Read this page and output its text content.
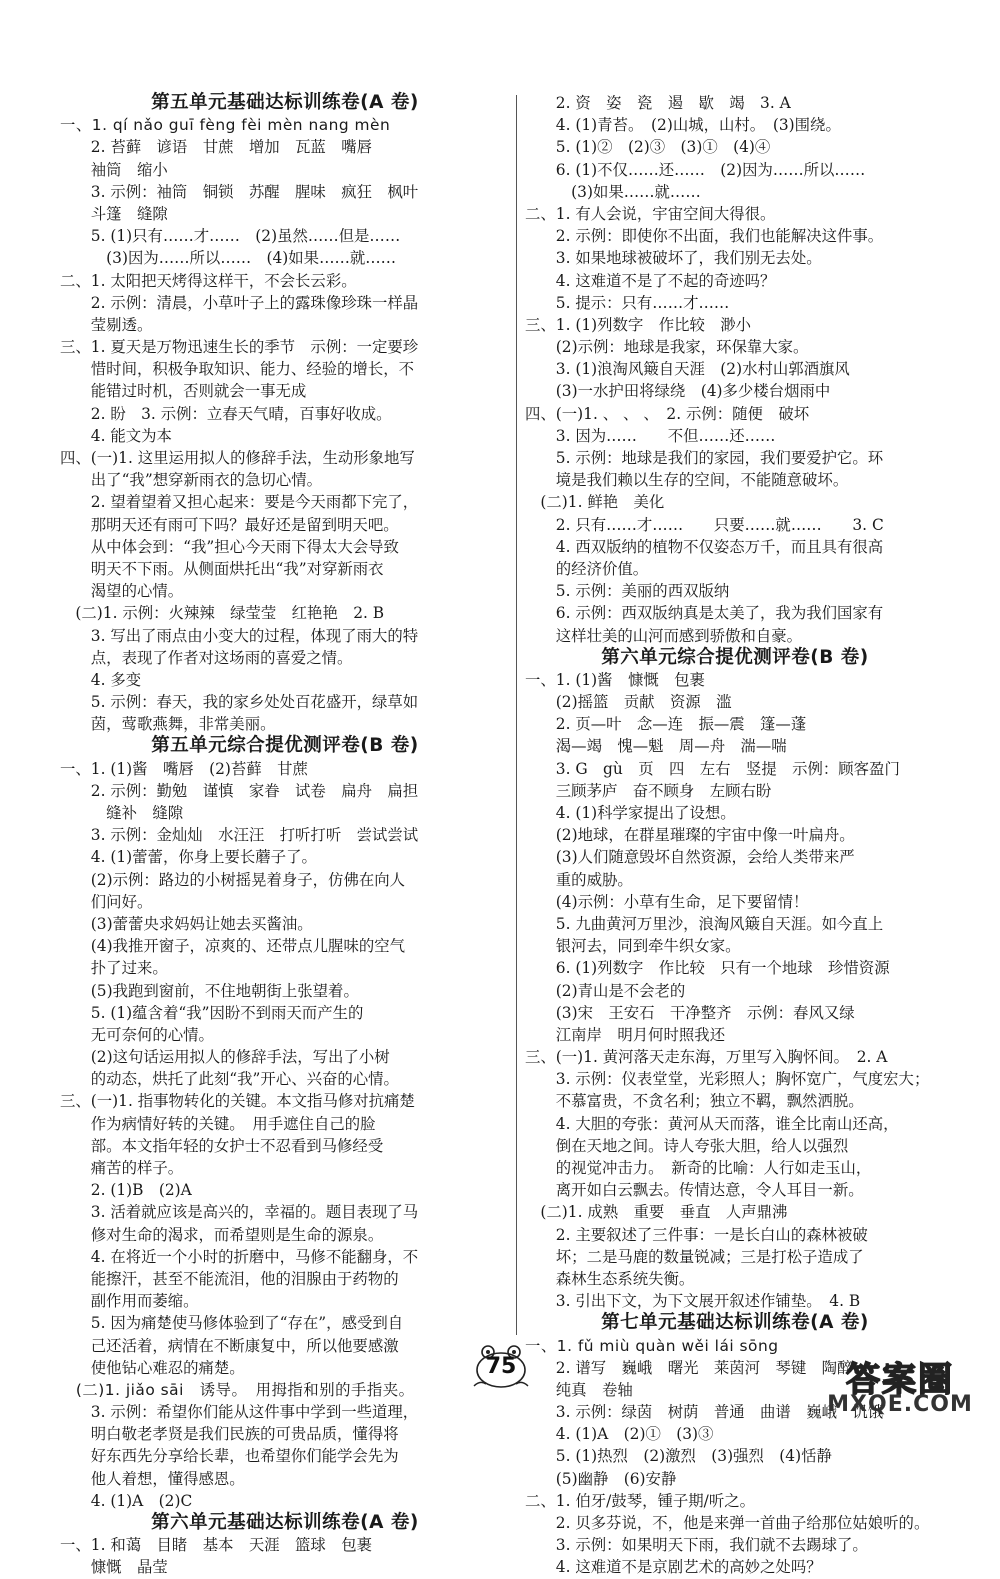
第五单元基础达标训练卷(A 卷)
一、1. qí nǎo guī fèng fèi mèn nang mèn
　　2. 苔藓　谚语　甘蔗　增加　瓦蓝　嘴唇
　　袖筒　缩小
　　3. 示例：袖筒　铜锁　苏醒　腥味　疯狂　枫叶
　　斗篷　缝隙
　　5. (1)只有……才……　(2)虽然……但是……
　　　(3)因为……所以……　(4)如果……就……
二、1. 太阳把天烤得这样干，不会长云彩。
　　2. 示例：清晨，小草叶子上的露珠像珍珠一样晶
　　莹剔透。
三、1. 夏天是万物迅速生长的季节　示例：一定要珍
　　惜时间，积极争取知识、能力、经验的增长，不
　　能错过时机，否则就会一事无成
　　2. 盼　3. 示例：立春天气晴，百事好收成。
　　4. 能文为本
四、(一)1. 这里运用拟人的修辞手法，生动形象地写
　　出了“我”想穿新雨衣的急切心情。
　　2. 望着望着又担心起来：要是今天雨都下完了，
　　那明天还有雨可下吗？最好还是留到明天吧。
　　从中体会到：“我”担心今天雨下得太大会导致
　　明天不下雨。从侧面烘托出“我”对穿新雨衣
　　渴望的心情。
　(二)1. 示例：火辣辣　绿莹莹　红艳艳　2. B
　　3. 写出了雨点由小变大的过程，体现了雨大的特
　　点，表现了作者对这场雨的喜爱之情。
　　4. 多变
　　5. 示例：春天，我的家乡处处百花盛开，绿草如
　　茵，莺歌燕舞，非常美丽。
第五单元综合提优测评卷(B 卷)
一、1. (1)酱　嘴唇　(2)苔藓　甘蔗
　　2. 示例：勤勉　谨慎　家眷　试卷　扁舟　扁担
　　　缝补　缝隙
　　3. 示例：金灿灿　水汪汪　打听打听　尝试尝试
　　4. (1)蕾蕾，你身上要长蘑子了。
　　(2)示例：路边的小树摇晃着身子，仿佛在向人
　　们问好。
　　(3)蕾蕾央求妈妈让她去买酱油。
　　(4)我推开窗子，凉爽的、还带点儿腥味的空气
　　扑了过来。
　　(5)我跑到窗前，不住地朝街上张望着。
　　5. (1)蕴含着“我”因盼不到雨天而产生的
　　无可奈何的心情。
　　(2)这句话运用拟人的修辞手法，写出了小树
　　的动态，烘托了此刻“我”开心、兴奋的心情。
三、(一)1. 指事物转化的关键。本文指马修对抗痛楚
　　作为病情好转的关键。　用手遮住自己的脸
　　部。本文指年轻的女护士不忍看到马修经受
　　痛苦的样子。
　　2. (1)B　(2)A
　　3. 活着就应该是高兴的，幸福的。题目表现了马
　　修对生命的渴求，而希望则是生命的源泉。
　　4. 在将近一个小时的折磨中，马修不能翻身，不
　　能擦汗，甚至不能流泪，他的泪腺由于药物的
　　副作用而萎缩。
　　5. 因为痛楚使马修体验到了“存在”，感受到自
　　己还活着，病情在不断康复中，所以他要感激
　　使他钻心难忍的痛楚。
　(二)1. jiǎo sāi　诱导。　用拇指和别的手指夹。
　　3. 示例：希望你们能从这件事中学到一些道理，
　　明白敬老孝贤是我们民族的可贵品质，懂得将
　　好东西先分享给长辈，也希望你们能学会先为
　　他人着想，懂得感恩。
　　4. (1)A　(2)C
第六单元基础达标训练卷(A 卷)
一、1. 和蔼　目睹　基本　天涯　篮球　包裹
　　慷慨　晶莹
　　2. 资　姿　瓷　遏　歇　竭　3. A
　　4. (1)青苔。　(2)山城，山村。　(3)围绕。
　　5. (1)②　(2)③　(3)①　(4)④
　　6. (1)不仅……还……　(2)因为……所以……
　　　(3)如果……就……
二、1. 有人会说，宇宙空间大得很。
　　2. 示例：即使你不出面，我们也能解决这件事。
　　3. 如果地球被破坏了，我们别无去处。
　　4. 这难道不是了不起的奇迹吗？
　　5. 提示：只有……才……
三、1. (1)列数字　作比较　渺小
　　(2)示例：地球是我家，环保靠大家。
　　3. (1)浪淘风簸自天涯　(2)水村山郭酒旗风
　　(3)一水护田将绿绕　(4)多少楼台烟雨中
四、(一)1. 、 、 、　2. 示例：随便　破坏
　　3. 因为……　　不但……还……
　　5. 示例：地球是我们的家园，我们要爱护它。环
　　境是我们赖以生存的空间，不能随意破坏。
　(二)1. 鲜艳　美化
　　2. 只有……才……　　只要……就……　　3. C
　　4. 西双版纳的植物不仅姿态万千，而且具有很高
　　的经济价值。
　　5. 示例：美丽的西双版纳
　　6. 示例：西双版纳真是太美了，我为我们国家有
　　这样壮美的山河而感到骄傲和自豪。
第六单元综合提优测评卷(B 卷)
一、1. (1)酱　慷慨　包裹
　　(2)摇篮　贡献　资源　滥
　　2. 页—叶　念—连　振—震　篷—蓬
　　渴—竭　愧—魁　周—舟　湍—喘
　　3. G　gù　页　四　左右　竖提　示例：顾客盈门
　　三顾茅庐　奋不顾身　左顾右盼
　　4. (1)科学家提出了设想。
　　(2)地球，在群星璀璨的宇宙中像一叶扁舟。
　　(3)人们随意毁坏自然资源，会给人类带来严
　　重的威胁。
　　(4)示例：小草有生命，足下要留情！
　　5. 九曲黄河万里沙，浪淘风簸自天涯。如今直上
　　银河去，同到牵牛织女家。
　　6. (1)列数字　作比较　只有一个地球　珍惜资源
　　(2)青山是不会老的
　　(3)宋　王安石　干净整齐　示例：春风又绿
　　江南岸　明月何时照我还
三、(一)1. 黄河落天走东海，万里写入胸怀间。　2. A
　　3. 示例：仪表堂堂，光彩照人；胸怀宽广，气度宏大；
　　不慕富贵，不贪名利；独立不羁，飘然洒脱。
　　4. 大胆的夸张：黄河从天而落，谁全比南山还高，
　　倒在天地之间。诗人夸张大胆，给人以强烈
　　的视觉冲击力。　新奇的比喻：人行如走玉山，
　　离开如白云飘去。传情达意，令人耳目一新。
　(二)1. 成熟　重要　垂直　人声鼎沸
　　2. 主要叙述了三件事：一是长白山的森林被破
　　坏；二是马鹿的数量锐减；三是打松子造成了
　　森林生态系统失衡。
　　3. 引出下文，为下文展开叙述作铺垫。　4. B
第七单元基础达标训练卷(A 卷)
一、1. fǔ miù quàn wěi lái sōng
　　2. 谱写　巍峨　曙光　莱茵河　琴键　陶醉
　　纯真　卷轴
　　3. 示例：绿茵　树荫　普通　曲谱　巍峨　饥饿
　　4. (1)A　(2)①　(3)③
　　5. (1)热烈　(2)激烈　(3)强烈　(4)恬静
　　(5)幽静　(6)安静
二、1. 伯牙/鼓琴，锺子期/听之。
　　2. 贝多芬说，不，他是来弹一首曲子给那位姑娘听的。
　　3. 示例：如果明天下雨，我们就不去踢球了。
　　4. 这难道不是京剧艺术的高妙之处吗？
75	答案圈
MXQE.COM
